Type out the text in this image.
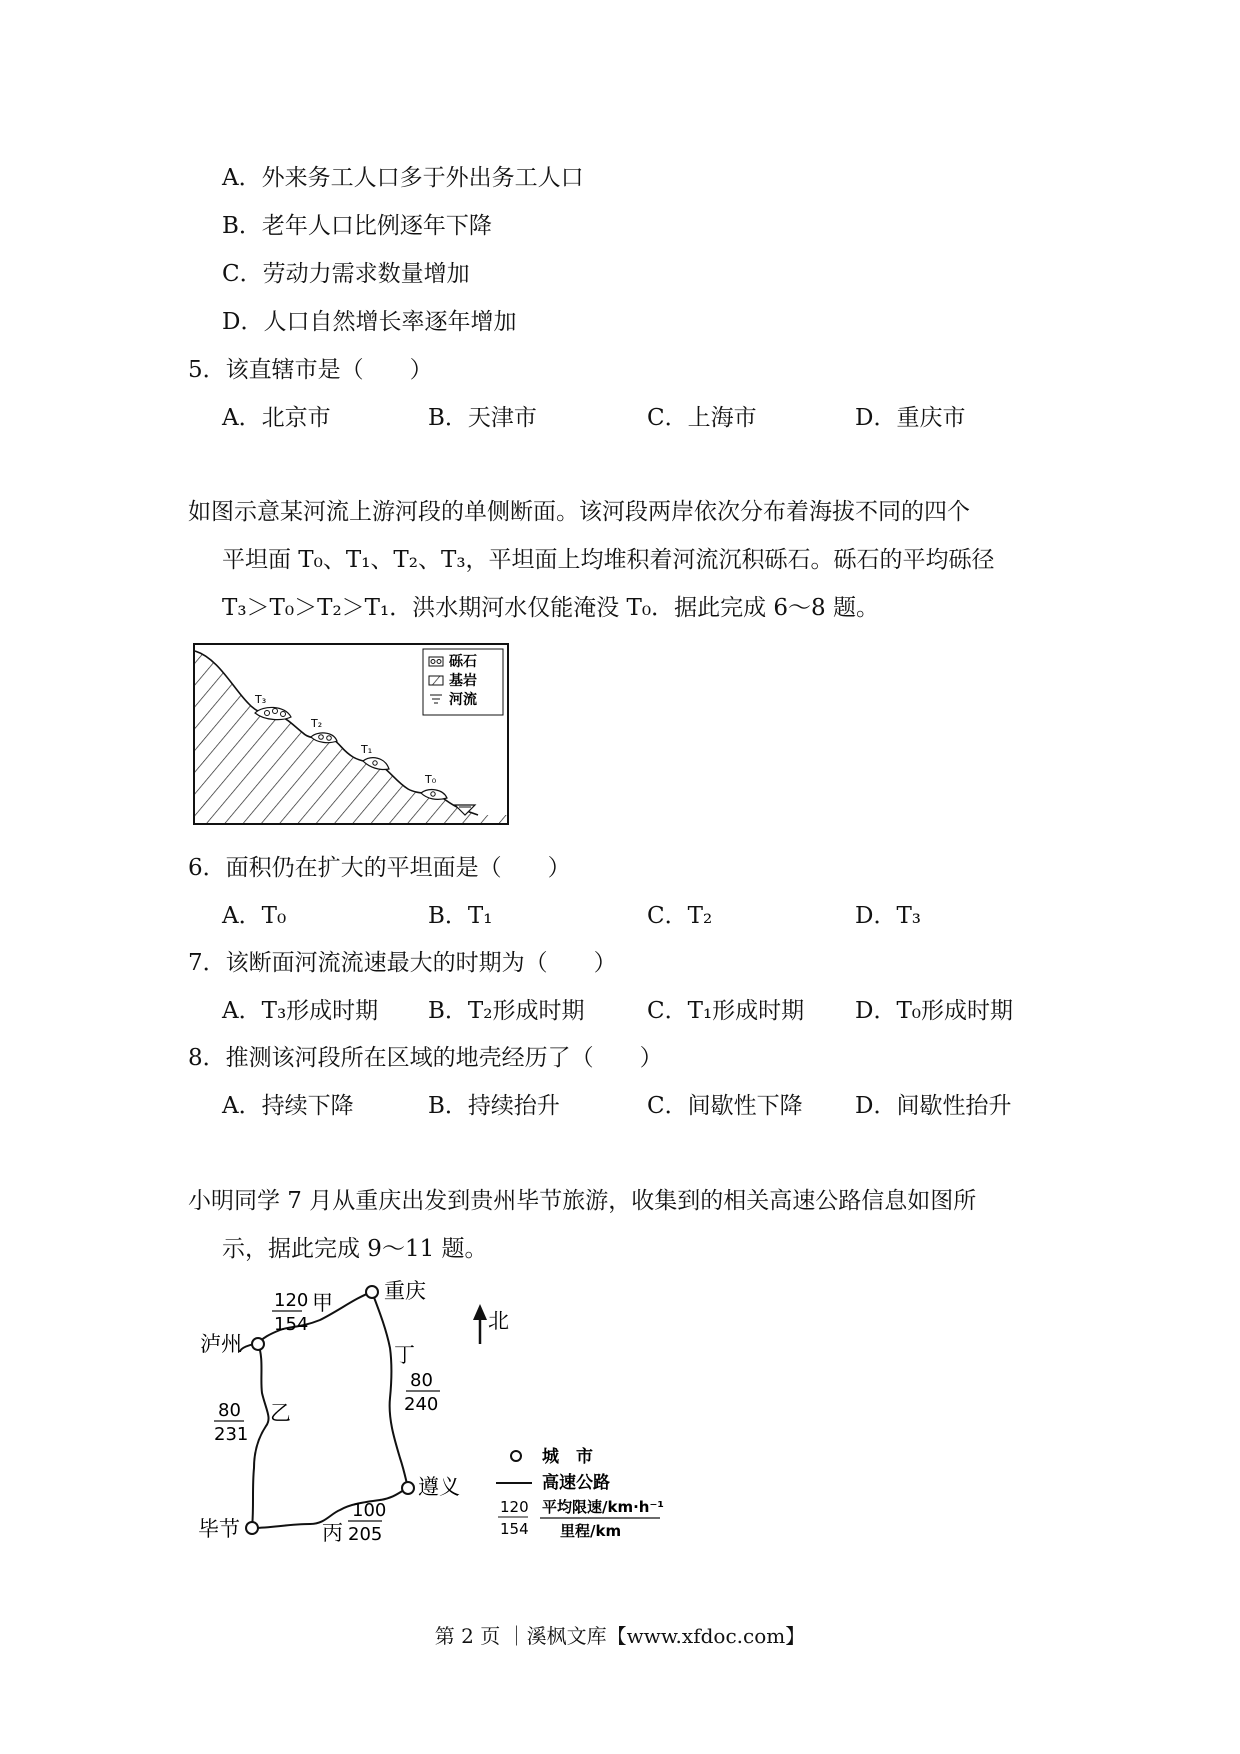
A．外来务工人口多于外出务工人口
B．老年人口比例逐年下降
C．劳动力需求数量增加
D．人口自然增长率逐年增加
5．该直辖市是（　　）
A．北京市	B．天津市	C．上海市	D．重庆市
如图示意某河流上游河段的单侧断面。该河段两岸依次分布着海拔不同的四个
平坦面 T₀、T₁、T₂、T₃，平坦面上均堆积着河流沉积砾石。砾石的平均砾径
T₃＞T₀＞T₂＞T₁．洪水期河水仅能淹没 T₀．据此完成 6～8 题。
T₃
T₂
T₁
T₀
砾石
基岩
河流
6．面积仍在扩大的平坦面是（　　）
A．T₀	B．T₁	C．T₂	D．T₃
7．该断面河流流速最大的时期为（　　）
A．T₃形成时期 B．T₂形成时期	C．T₁形成时期 D．T₀形成时期
8．推测该河段所在区域的地壳经历了（　　）
A．持续下降	B．持续抬升	C．间歇性下降 D．间歇性抬升
小明同学 7 月从重庆出发到贵州毕节旅游，收集到的相关高速公路信息如图所
示，据此完成 9～11 题。
重庆
泸州
遵义
毕节
甲
120
154
乙
80
231
丙
100
205
丁
80
240
北
城　市
高速公路
120
154
平均限速/km·h⁻¹
里程/km
第 2 页 ｜溪枫文库【www.xfdoc.com】
